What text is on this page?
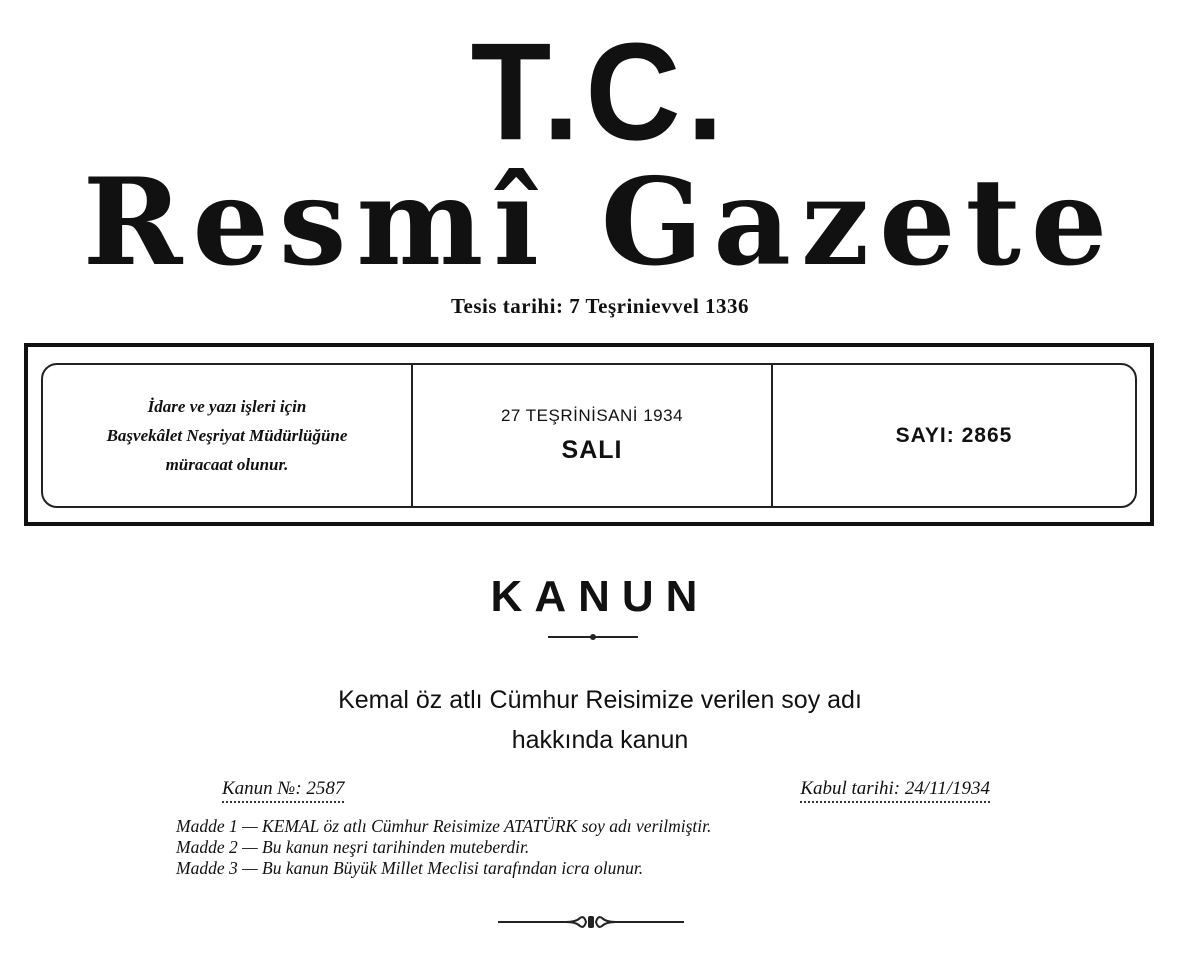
T.C.
Resmî Gazete
Tesis tarihi: 7 Teşrinievvel 1336
İdare ve yazı işleri için
Başvekâlet Neşriyat Müdürlüğüne
müracaat olunur.
27 TEŞRİNİSANİ 1934
SALI
SAYI: 2865
KANUN
Kemal öz atlı Cümhur Reisimize verilen soy adı
hakkında kanun
Kanun №: 2587	Kabul tarihi: 24/11/1934
Madde 1 — KEMAL öz atlı Cümhur Reisimize ATATÜRK soy adı verilmiştir.
Madde 2 — Bu kanun neşri tarihinden muteberdir.
Madde 3 — Bu kanun Büyük Millet Meclisi tarafından icra olunur.
